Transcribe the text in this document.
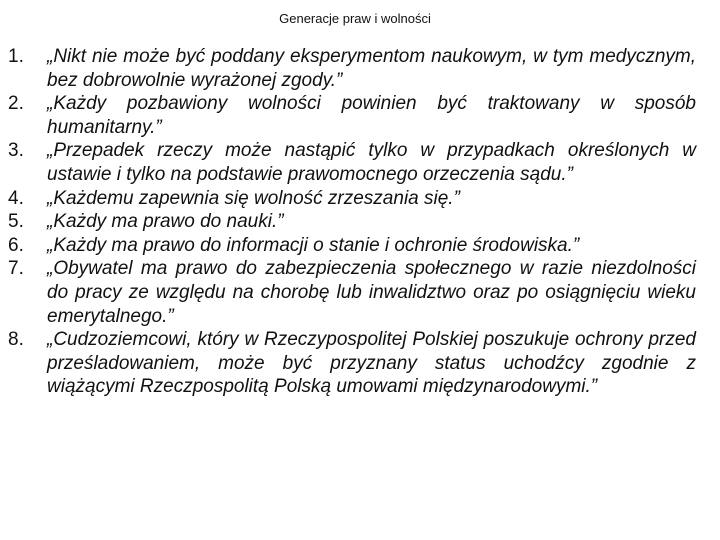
Generacje praw i wolności
1.	„Nikt nie może być poddany eksperymentom naukowym, w tym medycznym, bez dobrowolnie wyrażonej zgody.”
2.	„Każdy pozbawiony wolności powinien być traktowany w sposób humanitarny.”
3.	„Przepadek rzeczy może nastąpić tylko w przypadkach określonych w ustawie i tylko na podstawie prawomocnego orzeczenia sądu.”
4.	„Każdemu zapewnia się wolność zrzeszania się.”
5.	„Każdy ma prawo do nauki.”
6.	„Każdy ma prawo do informacji o stanie i ochronie środowiska.”
7.	„Obywatel ma prawo do zabezpieczenia społecznego w razie niezdolności do pracy ze względu na chorobę lub inwalidztwo oraz po osiągnięciu wieku emerytalnego.”
8.	„Cudzoziemcowi, który w Rzeczypospolitej Polskiej poszukuje ochrony przed prześladowaniem, może być przyznany status uchodźcy zgodnie z wiążącymi Rzeczpospolitą Polską umowami międzynarodowymi.”
